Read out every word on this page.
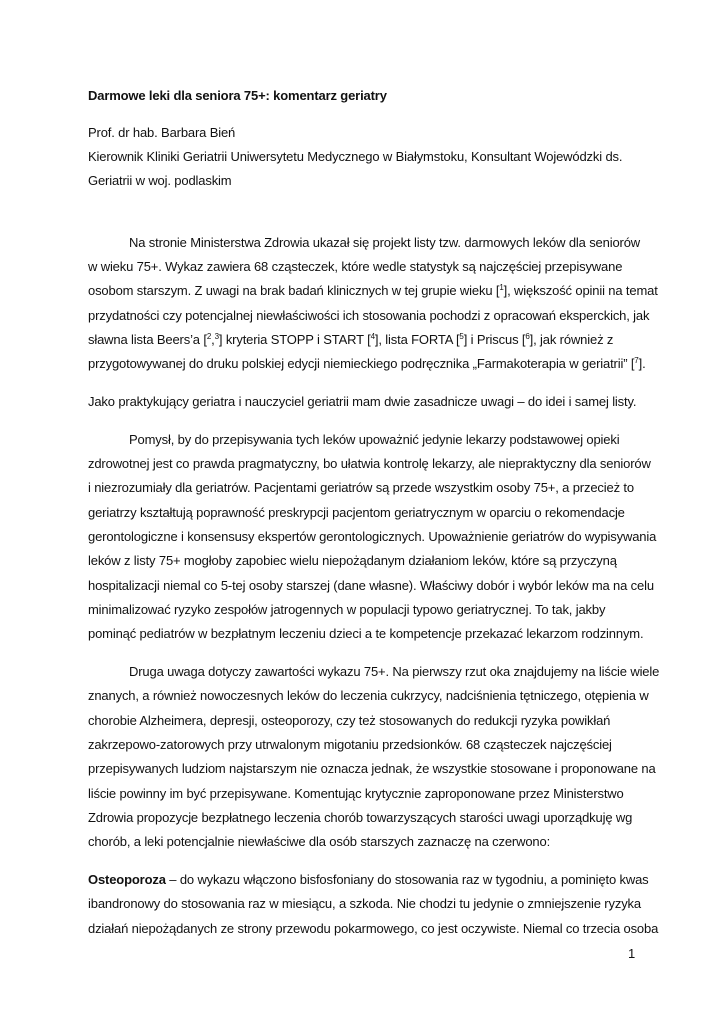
Darmowe leki dla seniora 75+: komentarz geriatry
Prof. dr hab. Barbara Bień
Kierownik Kliniki Geriatrii Uniwersytetu Medycznego w Białymstoku, Konsultant Wojewódzki ds.
Geriatrii w woj. podlaskim
Na stronie Ministerstwa Zdrowia ukazał się projekt listy tzw. darmowych leków dla seniorów
w wieku 75+. Wykaz zawiera 68 cząsteczek, które wedle statystyk są najczęściej przepisywane
osobom starszym. Z uwagi na brak badań klinicznych w tej grupie wieku [$^1$], większość opinii na temat
przydatności czy potencjalnej niewłaściwości ich stosowania pochodzi z opracowań eksperckich, jak
sławna lista Beers’a [$^2$,$^3$] kryteria STOPP i START [$^4$], lista FORTA [$^5$] i Priscus [$^6$], jak również z
przygotowywanej do druku polskiej edycji niemieckiego podręcznika „Farmakoterapia w geriatrii” [$^7$].
Jako praktykujący geriatra i nauczyciel geriatrii mam dwie zasadnicze uwagi – do idei i samej listy.
Pomysł, by do przepisywania tych leków upoważnić jedynie lekarzy podstawowej opieki
zdrowotnej jest co prawda pragmatyczny, bo ułatwia kontrolę lekarzy, ale niepraktyczny dla seniorów
i niezrozumiały dla geriatrów. Pacjentami geriatrów są przede wszystkim osoby 75+, a przecież to
geriatrzy kształtują poprawność preskrypcji pacjentom geriatrycznym w oparciu o rekomendacje
gerontologiczne i konsensusy ekspertów gerontologicznych. Upoważnienie geriatrów do wypisywania
leków z listy 75+ mogłoby zapobiec wielu niepożądanym działaniom leków, które są przyczyną
hospitalizacji niemal co 5-tej osoby starszej (dane własne). Właściwy dobór i wybór leków ma na celu
minimalizować ryzyko zespołów jatrogennych w populacji typowo geriatrycznej. To tak, jakby
pominąć pediatrów w bezpłatnym leczeniu dzieci a te kompetencje przekazać lekarzom rodzinnym.
Druga uwaga dotyczy zawartości wykazu 75+. Na pierwszy rzut oka znajdujemy na liście wiele
znanych, a również nowoczesnych leków do leczenia cukrzycy, nadciśnienia tętniczego, otępienia w
chorobie Alzheimera, depresji, osteoporozy, czy też stosowanych do redukcji ryzyka powikłań
zakrzepowo-zatorowych przy utrwalonym migotaniu przedsionków. 68 cząsteczek najczęściej
przepisywanych ludziom najstarszym nie oznacza jednak, że wszystkie stosowane i proponowane na
liście powinny im być przepisywane. Komentując krytycznie zaproponowane przez Ministerstwo
Zdrowia propozycje bezpłatnego leczenia chorób towarzyszących starości uwagi uporządkuję wg
chorób, a leki potencjalnie niewłaściwe dla osób starszych zaznaczę na czerwono:
Osteoporoza – do wykazu włączono bisfosfoniany do stosowania raz w tygodniu, a pominięto kwas
ibandronowy do stosowania raz w miesiącu, a szkoda. Nie chodzi tu jedynie o zmniejszenie ryzyka
działań niepożądanych ze strony przewodu pokarmowego, co jest oczywiste. Niemal co trzecia osoba
1
